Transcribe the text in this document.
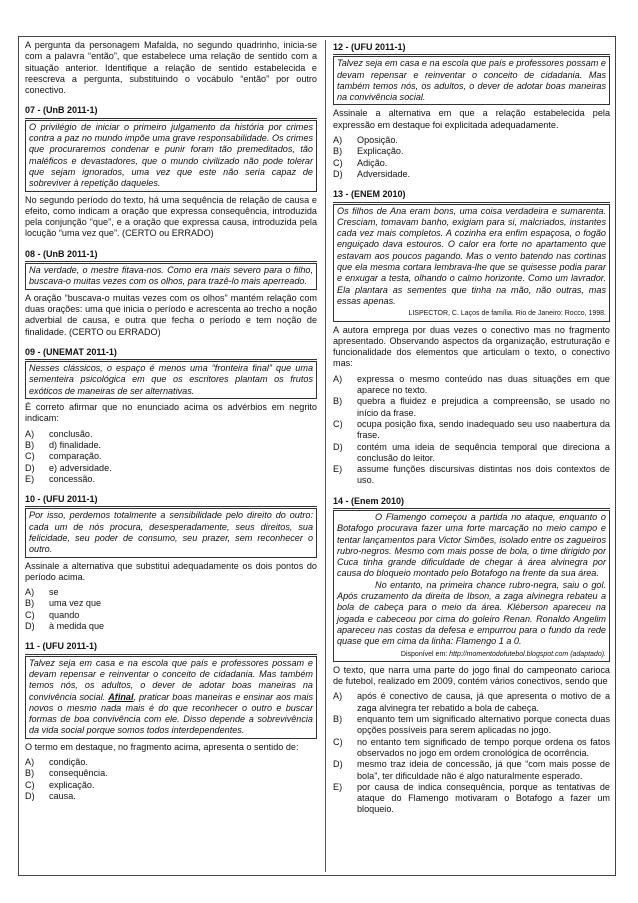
A pergunta da personagem Mafalda, no segundo quadrinho, inicia-se com a palavra “então”, que estabelece uma relação de sentido com a situação anterior. Identifique a relação de sentido estabelecida e reescreva a pergunta, substituindo o vocábulo “então” por outro conectivo.

07 - (UnB 2011-1)

O privilégio de iniciar o primeiro julgamento da história por crimes contra a paz no mundo impõe uma grave responsabilidade. Os crimes que procuraremos condenar e punir foram tão premeditados, tão maléficos e devastadores, que o mundo civilizado não pode tolerar que sejam ignorados, uma vez que este não seria capaz de sobreviver à repetição daqueles.

No segundo período do texto, há uma sequência de relação de causa e efeito, como indicam a oração que expressa consequência, introduzida pela conjunção “que”, e a oração que expressa causa, introduzida pela locução “uma vez que”. (CERTO ou ERRADO)

08 - (UnB 2011-1)

Na verdade, o mestre fitava-nos. Como era mais severo para o filho, buscava-o muitas vezes com os olhos, para trazê-lo mais aperreado.

A oração “buscava-o muitas vezes com os olhos” mantém relação com duas orações: uma que inicia o período e acrescenta ao trecho a noção adverbial de causa, e outra que fecha o período e tem noção de finalidade. (CERTO ou ERRADO)

09 - (UNEMAT 2011-1)

Nesses clássicos, o espaço é menos uma “fronteira final” que uma sementeira psicológica em que os escritores plantam os frutos exóticos de maneiras de ser alternativas.

É correto afirmar que no enunciado acima os advérbios em negrito indicam:

A)	conclusão.
B)	d) finalidade.
C)	comparação.
D)	e) adversidade.
E)	concessão.
10 - (UFU 2011-1)

Por isso, perdemos totalmente a sensibilidade pelo direito do outro: cada um de nós procura, desesperadamente, seus direitos, sua felicidade, seu poder de consumo, seu prazer, sem reconhecer o outro.

Assinale a alternativa que substitui adequadamente os dois pontos do período acima.

A)	se
B)	uma vez que
C)	quando
D)	à medida que
11 - (UFU 2011-1)

Talvez seja em casa e na escola que país e professores possam e devam repensar e reinventar o conceito de cidadania. Mas também temos nós, os adultos, o dever de adotar boas maneiras na convivência social. Afinal, praticar boas maneiras e ensinar aos mais novos o mesmo nada mais é do que reconhecer o outro e buscar formas de boa convivência com ele. Disso depende a sobrevivência da vida social porque somos todos interdependentes.

O termo em destaque, no fragmento acima, apresenta o sentido de:

A)	condição.
B)	consequência.
C)	explicação.
D)	causa.
12 - (UFU 2011-1)

Talvez seja em casa e na escola que país e professores possam e devam repensar e reinventar o conceito de cidadania. Mas também temos nós, os adultos, o dever de adotar boas maneiras na convivência social.

Assinale a alternativa em que a relação estabelecida pela expressão em destaque foi explicitada adequadamente.

A)	Oposição.
B)	Explicação.
C)	Adição.
D)	Adversidade.
13 - (ENEM 2010)

Os filhos de Ana eram bons, uma coisa verdadeira e sumarenta. Cresciam, tomavam banho, exigiam para si, malcriados, instantes cada vez mais completos. A cozinha era enfim espaçosa, o fogão enguiçado dava estouros. O calor era forte no apartamento que estavam aos poucos pagando. Mas o vento batendo nas cortinas que ela mesma cortara lembrava-lhe que se quisesse podia parar e enxugar a testa, olhando o calmo horizonte. Como um lavrador. Ela plantara as sementes que tinha na mão, não outras, mas essas apenas.

LISPECTOR, C. Laços de família. Rio de Janeiro: Rocco, 1998.

A autora emprega por duas vezes o conectivo mas no fragmento apresentado. Observando aspectos da organização, estruturação e funcionalidade dos elementos que articulam o texto, o conectivo mas:

A)	expressa o mesmo conteúdo nas duas situações em que aparece no texto.
B)	quebra a fluidez e prejudica a compreensão, se usado no início da frase.
C)	ocupa posição fixa, sendo inadequado seu uso naabertura da frase.
D)	contém uma ideia de sequência temporal que direciona a conclusão do leitor.
E)	assume funções discursivas distintas nos dois contextos de uso.
14 - (Enem 2010)

O Flamengo começou a partida no ataque, enquanto o Botafogo procurava fazer uma forte marcação no meio campo e tentar lançamentos para Victor Simões, isolado entre os zagueiros rubro-negros. Mesmo com mais posse de bola, o time dirigido por Cuca tinha grande dificuldade de chegar à área alvinegra por causa do bloqueio montado pelo Botafogo na frente da sua área.

No entanto, na primeira chance rubro-negra, saiu o gol. Após cruzamento da direita de Ibson, a zaga alvinegra rebateu a bola de cabeça para o meio da área. Kléberson apareceu na jogada e cabeceou por cima do goleiro Renan. Ronaldo Angelim apareceu nas costas da defesa e empurrou para o fundo da rede quase que em cima da linha: Flamengo 1 a 0.

Disponível em: http://momentodofutebol.blogspot.com (adaptado).

O texto, que narra uma parte do jogo final do campeonato carioca de futebol, realizado em 2009, contém vários conectivos, sendo que

A)	após é conectivo de causa, já que apresenta o motivo de a zaga alvinegra ter rebatido a bola de cabeça.
B)	enquanto tem um significado alternativo porque conecta duas opções possíveis para serem aplicadas no jogo.
C)	no entanto tem significado de tempo porque ordena os fatos observados no jogo em ordem cronológica de ocorrência.
D)	mesmo traz ideia de concessão, já que “com mais posse de bola”, ter dificuldade não é algo naturalmente esperado.
E)	por causa de indica consequência, porque as tentativas de ataque do Flamengo motivaram o Botafogo a fazer um bloqueio.
